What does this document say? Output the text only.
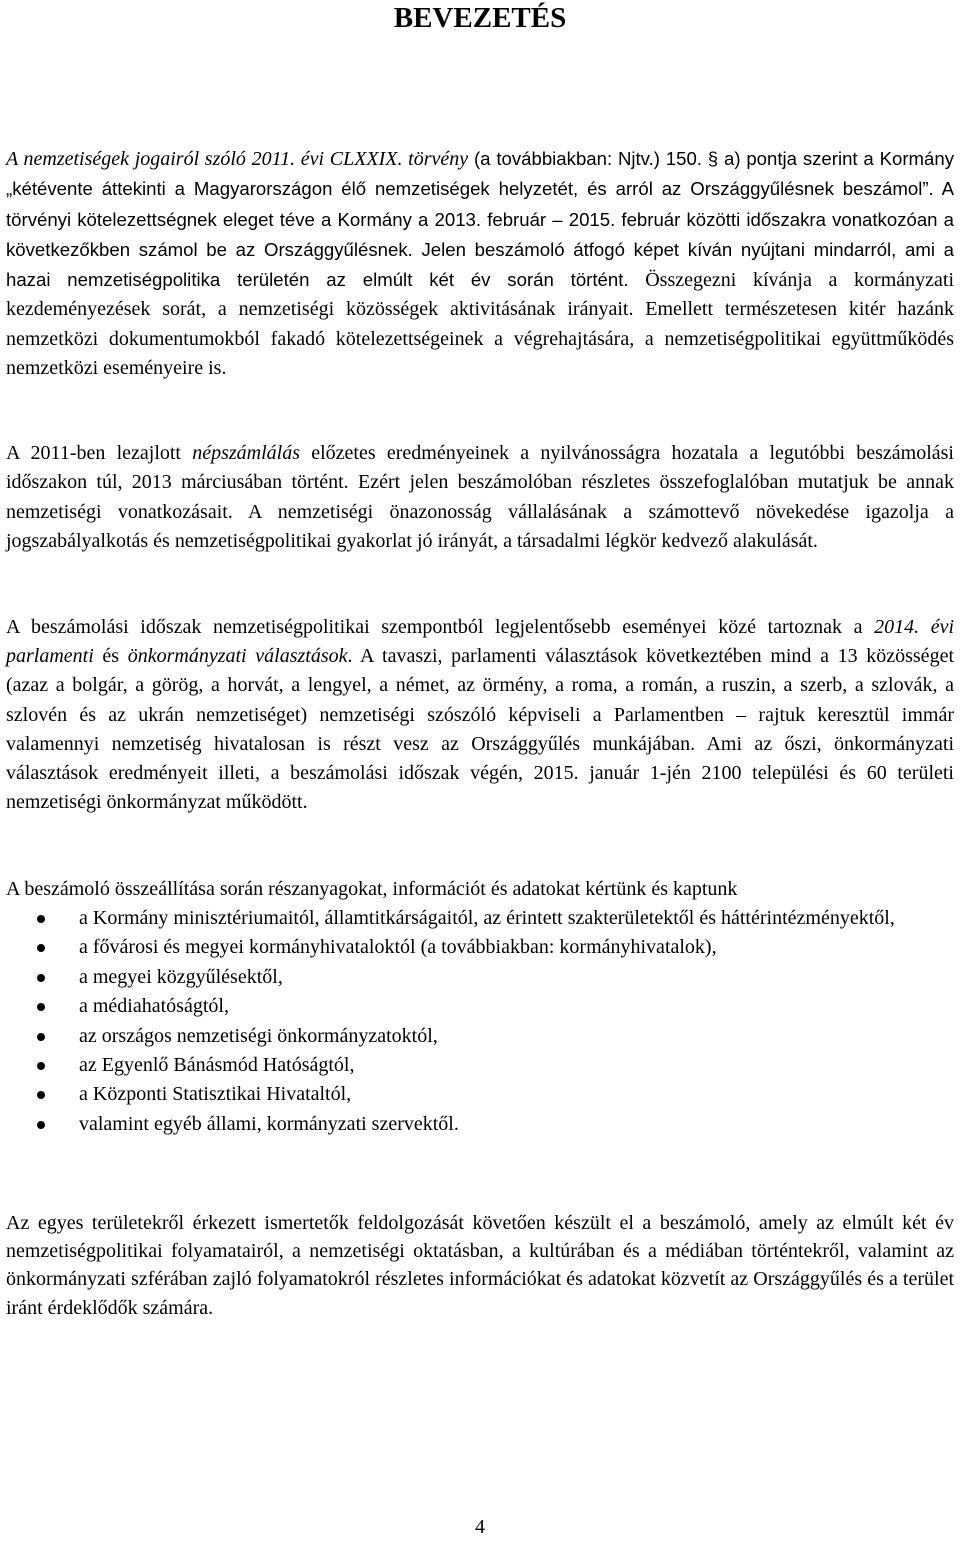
BEVEZETÉS

A nemzetiségek jogairól szóló 2011. évi CLXXIX. törvény (a továbbiakban: Njtv.) 150. § a) pontja szerint a Kormány „kétévente áttekinti a Magyarországon élő nemzetiségek helyzetét, és arról az Országgyűlésnek beszámol”. A törvényi kötelezettségnek eleget téve a Kormány a 2013. február – 2015. február közötti időszakra vonatkozóan a következőkben számol be az Országgyűlésnek. Jelen beszámoló átfogó képet kíván nyújtani mindarról, ami a hazai nemzetiségpolitika területén az elmúlt két év során történt. Összegezni kívánja a kormányzati kezdeményezések sorát, a nemzetiségi közösségek aktivitásának irányait. Emellett természetesen kitér hazánk nemzetközi dokumentumokból fakadó kötelezettségeinek a végrehajtására, a nemzetiségpolitikai együttműködés nemzetközi eseményeire is.

A 2011-ben lezajlott népszámlálás előzetes eredményeinek a nyilvánosságra hozatala a legutóbbi beszámolási időszakon túl, 2013 márciusában történt. Ezért jelen beszámolóban részletes összefoglalóban mutatjuk be annak nemzetiségi vonatkozásait. A nemzetiségi önazonosság vállalásának a számottevő növekedése igazolja a jogszabályalkotás és nemzetiségpolitikai gyakorlat jó irányát, a társadalmi légkör kedvező alakulását.

A beszámolási időszak nemzetiségpolitikai szempontból legjelentősebb eseményei közé tartoznak a 2014. évi parlamenti és önkormányzati választások. A tavaszi, parlamenti választások következtében mind a 13 közösséget (azaz a bolgár, a görög, a horvát, a lengyel, a német, az örmény, a roma, a román, a ruszin, a szerb, a szlovák, a szlovén és az ukrán nemzetiséget) nemzetiségi szószóló képviseli a Parlamentben – rajtuk keresztül immár valamennyi nemzetiség hivatalosan is részt vesz az Országgyűlés munkájában. Ami az őszi, önkormányzati választások eredményeit illeti, a beszámolási időszak végén, 2015. január 1-jén 2100 települési és 60 területi nemzetiségi önkormányzat működött.

A beszámoló összeállítása során részanyagokat, információt és adatokat kértünk és kaptunk

a Kormány minisztériumaitól, államtitkárságaitól, az érintett szakterületektől és háttérintézményektől,
a fővárosi és megyei kormányhivataloktól (a továbbiakban: kormányhivatalok),
a megyei közgyűlésektől,
a médiahatóságtól,
az országos nemzetiségi önkormányzatoktól,
az Egyenlő Bánásmód Hatóságtól,
a Központi Statisztikai Hivataltól,
valamint egyéb állami, kormányzati szervektől.

Az egyes területekről érkezett ismertetők feldolgozását követően készült el a beszámoló, amely az elmúlt két év nemzetiségpolitikai folyamatairól, a nemzetiségi oktatásban, a kultúrában és a médiában történtekről, valamint az önkormányzati szférában zajló folyamatokról részletes információkat és adatokat közvetít az Országgyűlés és a terület iránt érdeklődők számára.

4
